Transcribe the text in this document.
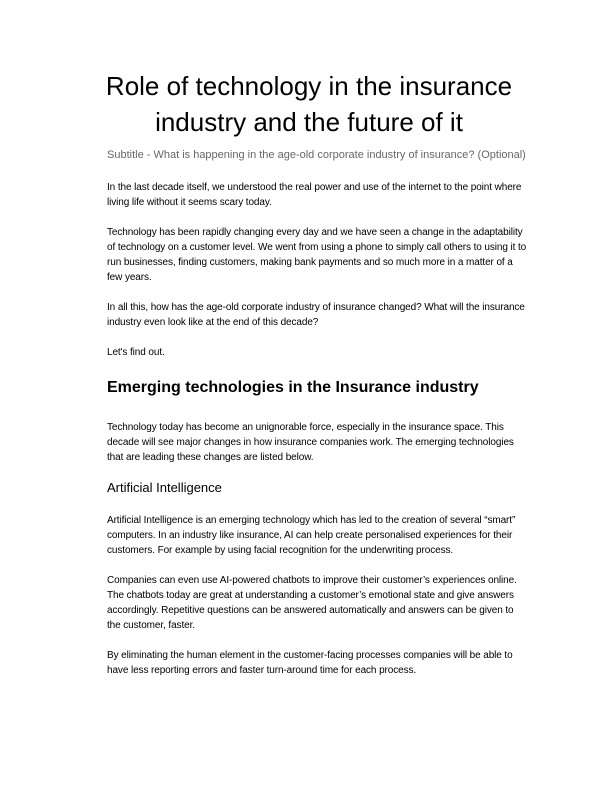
Role of technology in the insurance industry and the future of it

Subtitle - What is happening in the age-old corporate industry of insurance? (Optional)

In the last decade itself, we understood the real power and use of the internet to the point where living life without it seems scary today.

Technology has been rapidly changing every day and we have seen a change in the adaptability of technology on a customer level. We went from using a phone to simply call others to using it to run businesses, finding customers, making bank payments and so much more in a matter of a few years.

In all this, how has the age-old corporate industry of insurance changed? What will the insurance industry even look like at the end of this decade?

Let's find out.

Emerging technologies in the Insurance industry

Technology today has become an unignorable force, especially in the insurance space. This decade will see major changes in how insurance companies work. The emerging technologies that are leading these changes are listed below.

Artificial Intelligence

Artificial Intelligence is an emerging technology which has led to the creation of several “smart” computers. In an industry like insurance, AI can help create personalised experiences for their customers. For example by using facial recognition for the underwriting process.

Companies can even use AI-powered chatbots to improve their customer’s experiences online. The chatbots today are great at understanding a customer’s emotional state and give answers accordingly. Repetitive questions can be answered automatically and answers can be given to the customer, faster.

By eliminating the human element in the customer-facing processes companies will be able to have less reporting errors and faster turn-around time for each process.
